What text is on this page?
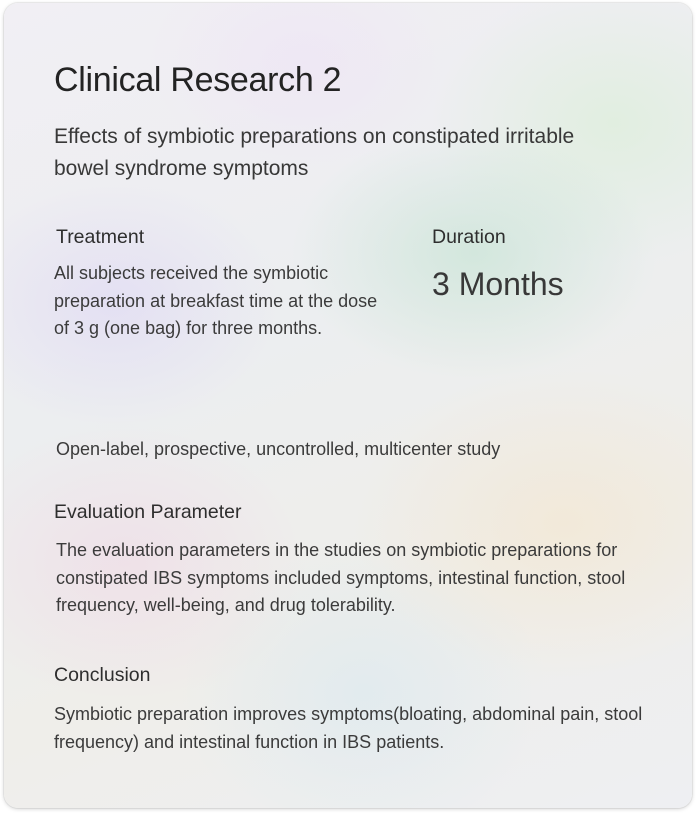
Clinical Research 2

Effects of symbiotic preparations on constipated irritable bowel syndrome symptoms

Treatment

All subjects received the symbiotic preparation at breakfast time at the dose of 3 g (one bag) for three months.

Duration

3 Months

Open-label, prospective, uncontrolled, multicenter study

Evaluation Parameter

The evaluation parameters in the studies on symbiotic preparations for constipated IBS symptoms included symptoms, intestinal function, stool frequency, well-being, and drug tolerability.

Conclusion

Symbiotic preparation improves symptoms(bloating, abdominal pain, stool frequency) and intestinal function in IBS patients.
